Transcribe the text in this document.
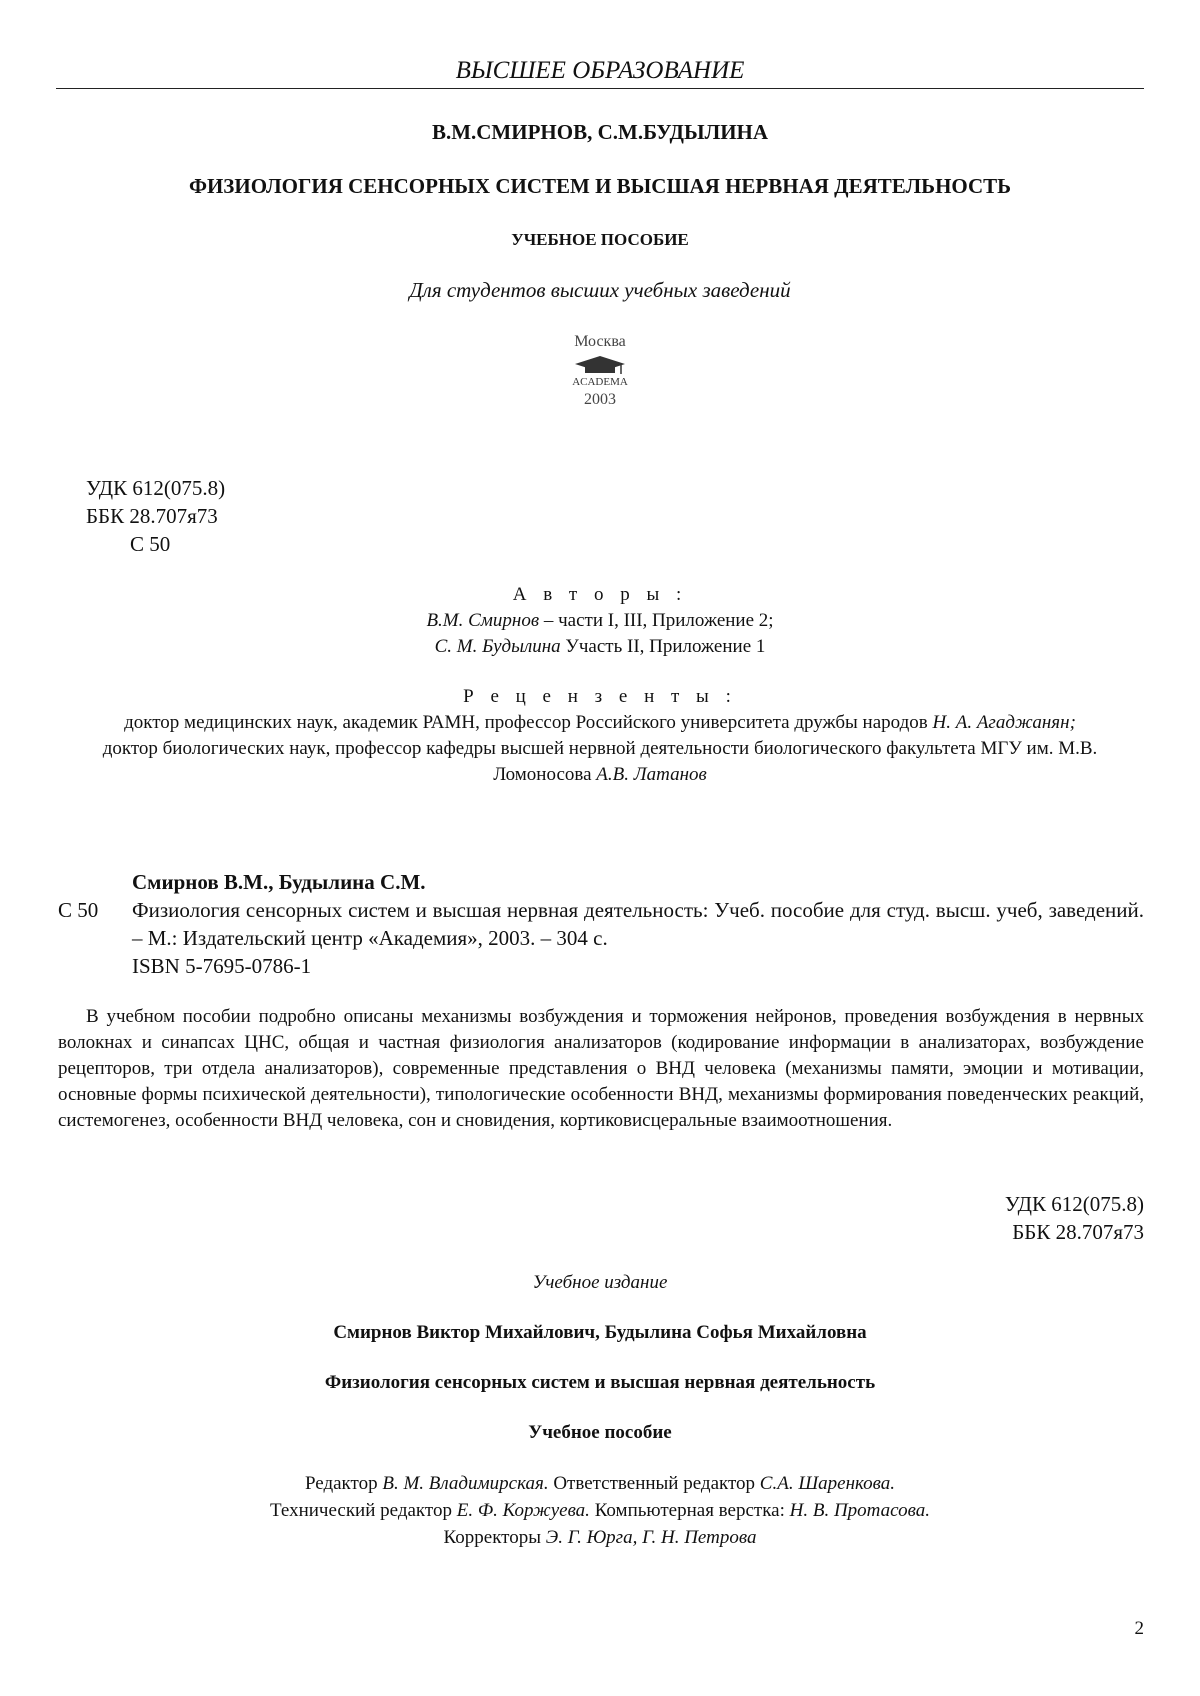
ВЫСШЕЕ ОБРАЗОВАНИЕ
В.М.СМИРНОВ, С.М.БУДЫЛИНА
ФИЗИОЛОГИЯ СЕНСОРНЫХ СИСТЕМ И ВЫСШАЯ НЕРВНАЯ ДЕЯТЕЛЬНОСТЬ
УЧЕБНОЕ ПОСОБИЕ
Для студентов высших учебных заведений
Москва
ACADEMA
2003
УДК 612(075.8)
ББК 28.707я73
С 50
А в т о р ы :
В.М. Смирнов – части I, III, Приложение 2;
С. М. Будылина Участь II, Приложение 1
Р е ц е н з е н т ы :
доктор медицинских наук, академик РАМН, профессор Российского университета дружбы народов Н. А. Агаджанян;
доктор биологических наук, профессор кафедры высшей нервной деятельности биологического факультета МГУ им. М.В. Ломоносова А.В. Латанов
Смирнов В.М., Будылина С.М.
С 50	Физиология сенсорных систем и высшая нервная деятельность: Учеб. пособие для студ. высш. учеб, заведений. – М.: Издательский центр «Академия», 2003. – 304 с.
ISBN 5-7695-0786-1
В учебном пособии подробно описаны механизмы возбуждения и торможения нейронов, проведения возбуждения в нервных волокнах и синапсах ЦНС, общая и частная физиология анализаторов (кодирование информации в анализаторах, возбуждение рецепторов, три отдела анализаторов), современные представления о ВНД человека (механизмы памяти, эмоции и мотивации, основные формы психической деятельности), типологические особенности ВНД, механизмы формирования поведенческих реакций, системогенез, особенности ВНД человека, сон и сновидения, кортиковисцеральные взаимоотношения.
УДК 612(075.8)
ББК 28.707я73
Учебное издание
Смирнов Виктор Михайлович, Будылина Софья Михайловна
Физиология сенсорных систем и высшая нервная деятельность
Учебное пособие
Редактор В. М. Владимирская. Ответственный редактор С.А. Шаренкова.
Технический редактор Е. Ф. Коржуева. Компьютерная верстка: Н. В. Протасова.
Корректоры Э. Г. Юрга, Г. Н. Петрова
2
